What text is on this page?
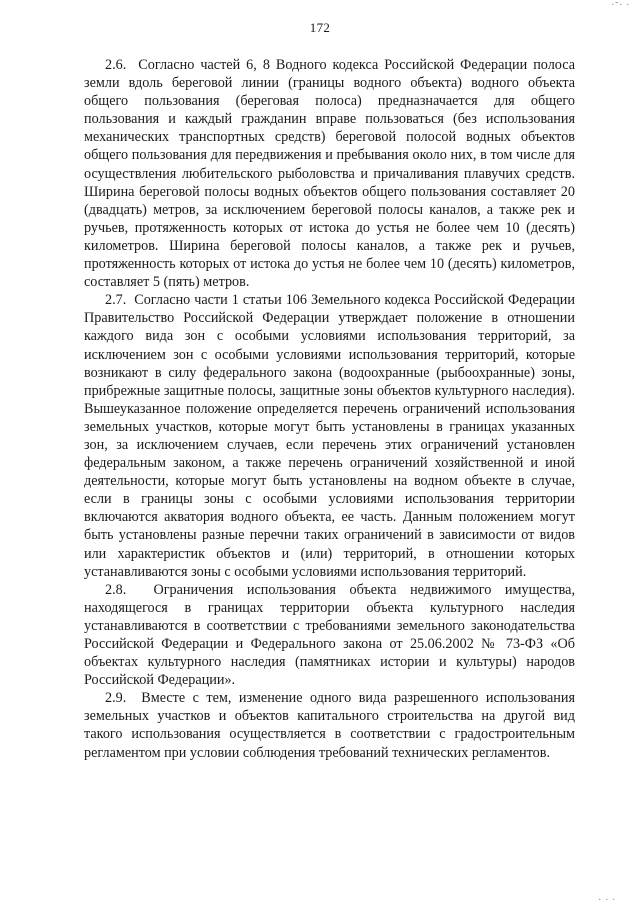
.-. .
172

2.6.  Согласно частей 6, 8 Водного кодекса Российской Федерации полоса земли вдоль береговой линии (границы водного объекта) водного объекта общего пользования (береговая полоса) предназначается для общего пользования и каждый гражданин вправе пользоваться (без использования механических транспортных средств) береговой полосой водных объектов общего пользования для передвижения и пребывания около них, в том числе для осуществления любительского рыболовства и причаливания плавучих средств. Ширина береговой полосы водных объектов общего пользования составляет 20 (двадцать) метров, за исключением береговой полосы каналов, а также рек и ручьев, протяженность которых от истока до устья не более чем 10 (десять) километров. Ширина береговой полосы каналов, а также рек и ручьев, протяженность которых от истока до устья не более чем 10 (десять) километров, составляет 5 (пять) метров.

2.7.  Согласно части 1 статьи 106 Земельного кодекса Российской Федерации Правительство Российской Федерации утверждает положение в отношении каждого вида зон с особыми условиями использования территорий, за исключением зон с особыми условиями использования территорий, которые возникают в силу федерального закона (водоохранные (рыбоохранные) зоны, прибрежные защитные полосы, защитные зоны объектов культурного наследия). Вышеуказанное положение определяется перечень ограничений использования земельных участков, которые могут быть установлены в границах указанных зон, за исключением случаев, если перечень этих ограничений установлен федеральным законом, а также перечень ограничений хозяйственной и иной деятельности, которые могут быть установлены на водном объекте в случае, если в границы зоны с особыми условиями использования территории включаются акватория водного объекта, ее часть. Данным положением могут быть установлены разные перечни таких ограничений в зависимости от видов или характеристик объектов и (или) территорий, в отношении которых устанавливаются зоны с особыми условиями использования территорий.

2.8.  Ограничения использования объекта недвижимого имущества, находящегося в границах территории объекта культурного наследия устанавливаются в соответствии с требованиями земельного законодательства Российской Федерации и Федерального закона от 25.06.2002 № 73-ФЗ «Об объектах культурного наследия (памятниках истории и культуры) народов Российской Федерации».

2.9.  Вместе с тем, изменение одного вида разрешенного использования земельных участков и объектов капитального строительства на другой вид такого использования осуществляется в соответствии с градостроительным регламентом при условии соблюдения требований технических регламентов.

. . .
